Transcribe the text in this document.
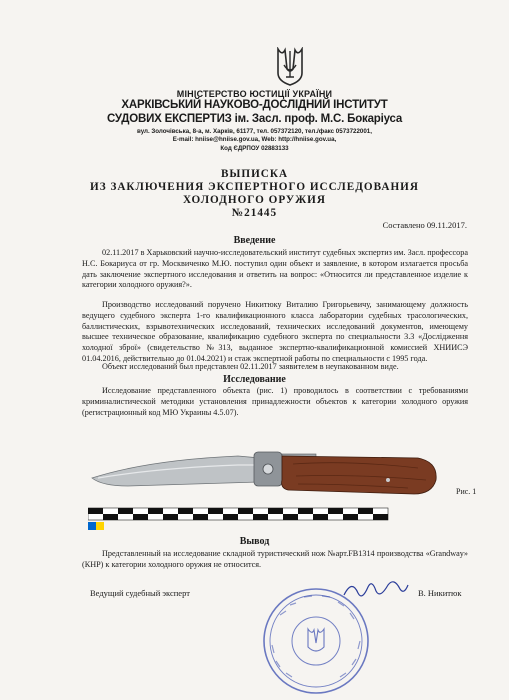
МІНІСТЕРСТВО ЮСТИЦІЇ УКРАЇНИ
ХАРКІВСЬКИЙ НАУКОВО-ДОСЛІДНИЙ ІНСТИТУТ
СУДОВИХ ЕКСПЕРТИЗ ім. Засл. проф. М.С. Бокаріуса
вул. Золочівська, 8-а, м. Харків, 61177, тел. 057372120, тел./факс 0573722001,
E-mail: hniise@hniise.gov.ua, Web: http://hniise.gov.ua,
Код ЄДРПОУ 02883133
ВЫПИСКА
ИЗ ЗАКЛЮЧЕНИЯ ЭКСПЕРТНОГО ИССЛЕДОВАНИЯ
ХОЛОДНОГО ОРУЖИЯ
№21445
Составлено 09.11.2017.
Введение
02.11.2017 в Харьковский научно-исследовательский институт судебных экспертиз им. Засл. профессора Н.С. Бокариуса от гр. Москвиченко М.Ю. поступил один объект и заявление, в котором излагается просьба дать заключение экспертного исследования и ответить на вопрос: «Относится ли представленное изделие к категории холодного оружия?».
Производство исследований поручено Никитюку Виталию Григорьевичу, занимающему должность ведущего судебного эксперта 1-го квалификационного класса лаборатории судебных трасологических, баллистических, взрывотехнических исследований, технических исследований документов, имеющему высшее техническое образование, квалификацию судебного эксперта по специальности 3.3 «Дослідження холодної зброї» (свидетельство №313, выданное экспертно-квалификационной комиссией ХНИИСЭ 01.04.2016, действительно до 01.04.2021) и стаж экспертной работы по специальности с 1995 года.
Объект исследований был представлен 02.11.2017 заявителем в неупакованном виде.
Исследование
Исследование представленного объекта (рис. 1) проводилось в соответствии с требованиями криминалистической методики установления принадлежности объектов к категории холодного оружия (регистрационный код МЮ Украины 4.5.07).
Рис. 1
Вывод
Представленный на исследование складной туристический нож №арт.FB1314 производства «Grandway» (КНР) к категории холодного оружия не относится.
Ведущий судебный эксперт	В. Никитюк
